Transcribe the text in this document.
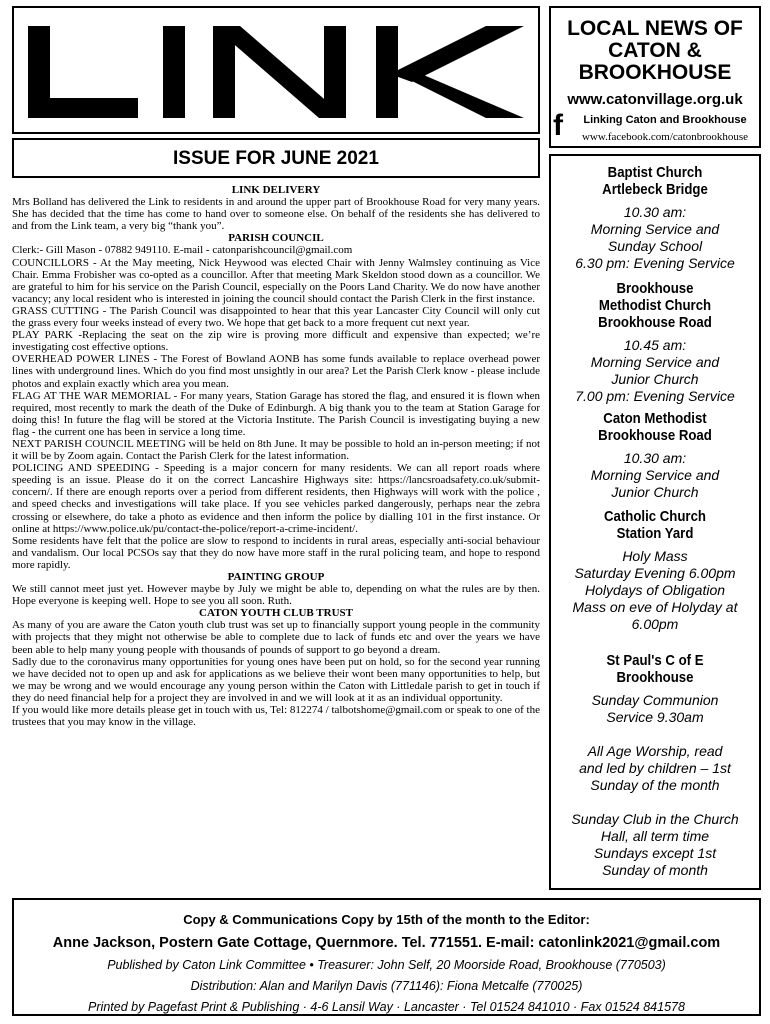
LOCAL NEWS OF
CATON &
BROOKHOUSE
www.catonvillage.org.uk
f	Linking Caton and Brookhouse
www.facebook.com/catonbrookhouse
ISSUE FOR JUNE 2021
LINK DELIVERY

Mrs Bolland has delivered the Link to residents in and around the upper part of Brookhouse Road for very many years. She has decided that the time has come to hand over to someone else. On behalf of the residents she has delivered to and from the Link team, a very big “thank you”.

PARISH COUNCIL

Clerk:- Gill Mason - 07882 949110. E-mail - catonparishcouncil@gmail.com

COUNCILLORS - At the May meeting, Nick Heywood was elected Chair with Jenny Walmsley continuing as Vice Chair. Emma Frobisher was co-opted as a councillor. After that meeting Mark Skeldon stood down as a councillor. We are grateful to him for his service on the Parish Council, especially on the Poors Land Charity. We do now have another vacancy; any local resident who is interested in joining the council should contact the Parish Clerk in the first instance.

GRASS CUTTING - The Parish Council was disappointed to hear that this year Lancaster City Council will only cut the grass every four weeks instead of every two. We hope that get back to a more frequent cut next year.

PLAY PARK -Replacing the seat on the zip wire is proving more difficult and expensive than expected; we’re investigating cost effective options.

OVERHEAD POWER LINES - The Forest of Bowland AONB has some funds available to replace overhead power lines with underground lines. Which do you find most unsightly in our area? Let the Parish Clerk know - please include photos and explain exactly which area you mean.

FLAG AT THE WAR MEMORIAL - For many years, Station Garage has stored the flag, and ensured it is flown when required, most recently to mark the death of the Duke of Edinburgh. A big thank you to the team at Station Garage for doing this! In future the flag will be stored at the Victoria Institute. The Parish Council is investigating buying a new flag - the current one has been in service a long time.

NEXT PARISH COUNCIL MEETING will be held on 8th June. It may be possible to hold an in-person meeting; if not it will be by Zoom again. Contact the Parish Clerk for the latest information.

POLICING AND SPEEDING - Speeding is a major concern for many residents. We can all report roads where speeding is an issue. Please do it on the correct Lancashire Highways site: https://lancsroadsafety.co.uk/submit-concern/. If there are enough reports over a period from different residents, then Highways will work with the police , and speed checks and investigations will take place. If you see vehicles parked dangerously, perhaps near the zebra crossing or elsewhere, do take a photo as evidence and then inform the police by dialling 101 in the first instance. Or online at https://www.police.uk/pu/contact-the-police/report-a-crime-incident/.

Some residents have felt that the police are slow to respond to incidents in rural areas, especially anti-social behaviour and vandalism. Our local PCSOs say that they do now have more staff in the rural policing team, and hope to respond more rapidly.

PAINTING GROUP

We still cannot meet just yet. However maybe by July we might be able to, depending on what the rules are by then. Hope everyone is keeping well. Hope to see you all soon. Ruth.

CATON YOUTH CLUB TRUST

As many of you are aware the Caton youth club trust was set up to financially support young people in the community with projects that they might not otherwise be able to complete due to lack of funds etc and over the years we have been able to help many young people with thousands of pounds of support to go beyond a dream.

Sadly due to the coronavirus many opportunities for young ones have been put on hold, so for the second year running we have decided not to open up and ask for applications as we believe their wont been many opportunities to help, but we may be wrong and we would encourage any young person within the Caton with Littledale parish to get in touch if they do need financial help for a project they are involved in and we will look at it as an individual opportunity.

If you would like more details please get in touch with us, Tel: 812274 / talbotshome@gmail.com or speak to one of the trustees that you may know in the village.

Baptist Church
Artlebeck Bridge
10.30 am:
Morning Service and
Sunday School
6.30 pm: Evening Service
Brookhouse
Methodist Church
Brookhouse Road
10.45 am:
Morning Service and
Junior Church
7.00 pm: Evening Service
Caton Methodist
Brookhouse Road
10.30 am:
Morning Service and
Junior Church
Catholic Church
Station Yard
Holy Mass
Saturday Evening 6.00pm
Holydays of Obligation
Mass on eve of Holyday at
6.00pm
St Paul's C of E
Brookhouse
Sunday Communion
Service 9.30am
All Age Worship, read
and led by children – 1st
Sunday of the month
Sunday Club in the Church
Hall, all term time
Sundays except 1st
Sunday of month
Copy & Communications Copy by 15th of the month to the Editor:
Anne Jackson, Postern Gate Cottage, Quernmore. Tel. 771551. E-mail: catonlink2021@gmail.com
Published by Caton Link Committee • Treasurer: John Self, 20 Moorside Road, Brookhouse (770503)
Distribution: Alan and Marilyn Davis (771146): Fiona Metcalfe (770025)
Printed by Pagefast Print & Publishing · 4-6 Lansil Way · Lancaster · Tel 01524 841010 · Fax 01524 841578
